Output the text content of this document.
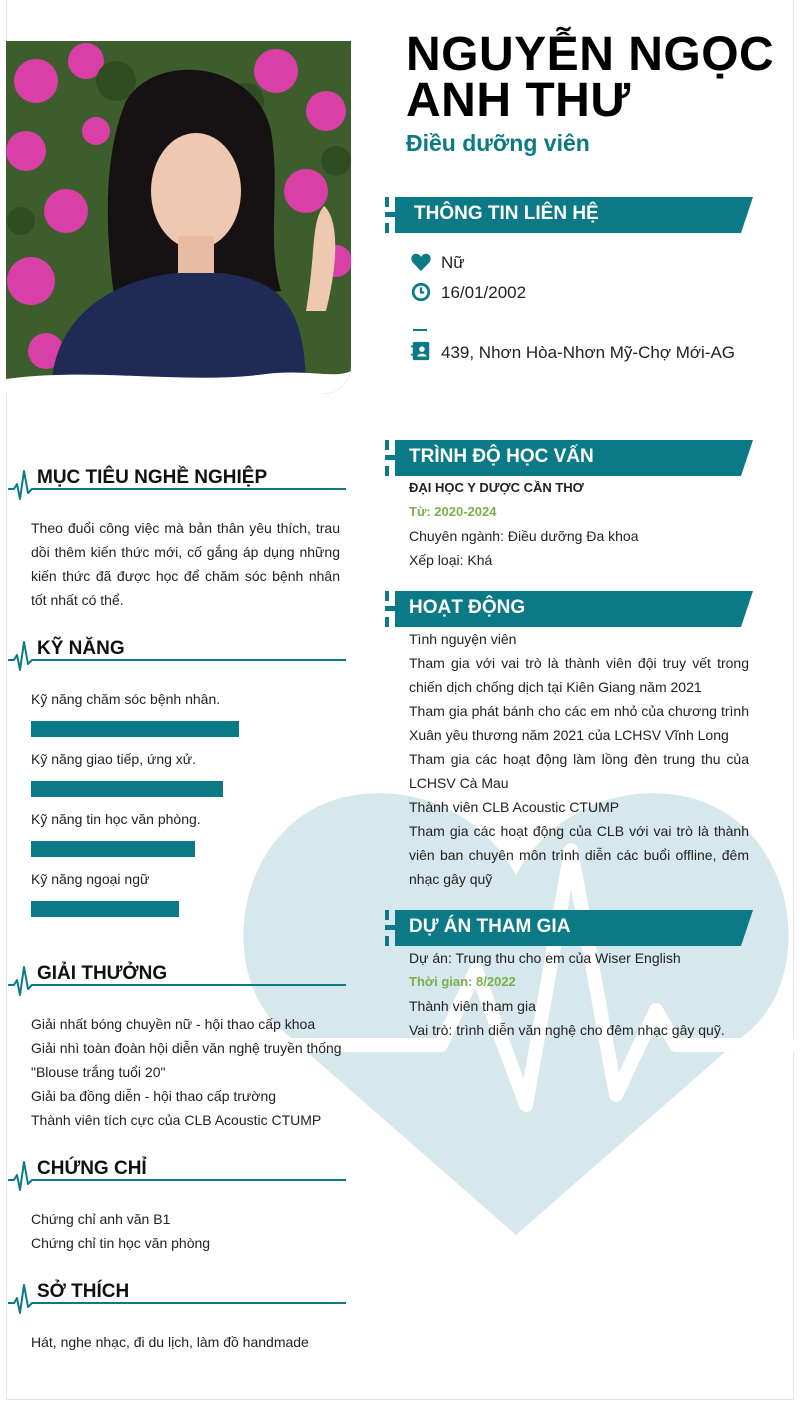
NGUYỄN NGỌC
ANH THƯ
Điều dưỡng viên
THÔNG TIN LIÊN HỆ
Nữ
16/01/2002
439, Nhơn Hòa-Nhơn Mỹ-Chợ Mới-AG
TRÌNH ĐỘ HỌC VẤN
ĐẠI HỌC Y DƯỢC CẦN THƠ
Từ: 2020-2024
Chuyên ngành: Điều dưỡng Đa khoa
Xếp loại: Khá
HOẠT ĐỘNG
Tình nguyện viên
Tham gia với vai trò là thành viên đội truy vết trong chiến dịch chống dịch tại Kiên Giang năm 2021
Tham gia phát bánh cho các em nhỏ của chương trình Xuân yêu thương năm 2021 của LCHSV Vĩnh Long
Tham gia các hoạt động làm lồng đèn trung thu của LCHSV Cà Mau
Thành viên CLB Acoustic CTUMP
Tham gia các hoạt động của CLB với vai trò là thành viên ban chuyên môn trình diễn các buổi offline, đêm nhạc gây quỹ
DỰ ÁN THAM GIA
Dự án: Trung thu cho em của Wiser English
Thời gian: 8/2022
Thành viên tham gia
Vai trò: trình diễn văn nghệ cho đêm nhạc gây quỹ.
MỤC TIÊU NGHỀ NGHIỆP
Theo đuổi công việc mà bản thân yêu thích, trau dồi thêm kiến thức mới, cố gắng áp dụng những kiến thức đã được học để chăm sóc bệnh nhân tốt nhất có thể.
KỸ NĂNG
Kỹ năng chăm sóc bệnh nhân.
Kỹ năng giao tiếp, ứng xử.
Kỹ năng tin học văn phòng.
Kỹ năng ngoại ngữ
GIẢI THƯỞNG
Giải nhất bóng chuyền nữ - hội thao cấp khoa
Giải nhì toàn đoàn hội diễn văn nghệ truyền thống "Blouse trắng tuổi 20"
Giải ba đồng diễn - hội thao cấp trường
Thành viên tích cực của CLB Acoustic CTUMP
CHỨNG CHỈ
Chứng chỉ anh văn B1
Chứng chỉ tin học văn phòng
SỞ THÍCH
Hát, nghe nhạc, đi du lịch, làm đồ handmade
